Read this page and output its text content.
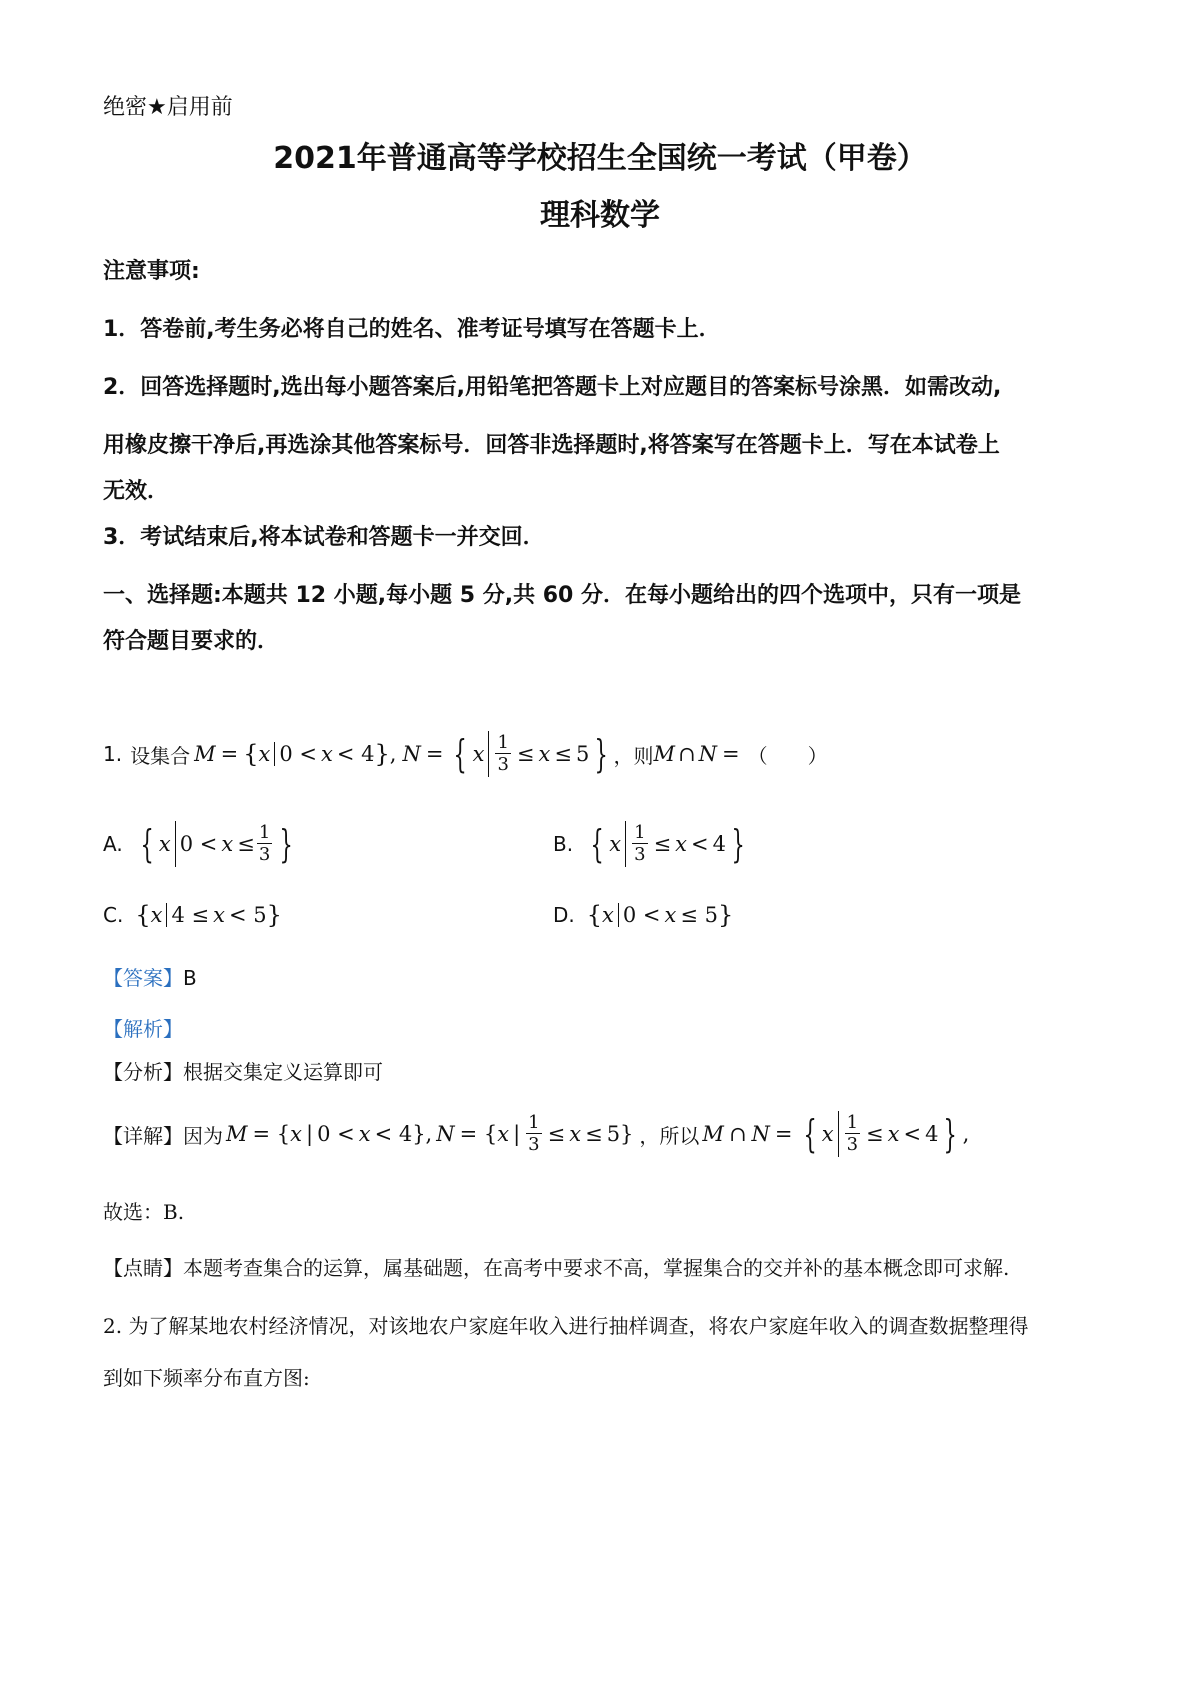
绝密★启用前
2021年普通高等学校招生全国统一考试（甲卷）
理科数学
注意事项:
1．答卷前,考生务必将自己的姓名、准考证号填写在答题卡上．
2．回答选择题时,选出每小题答案后,用铅笔把答题卡上对应题目的答案标号涂黑．如需改动,
用橡皮擦干净后,再选涂其他答案标号．回答非选择题时,将答案写在答题卡上．写在本试卷上
无效．
3．考试结束后,将本试卷和答题卡一并交回．
一、选择题:本题共 12 小题,每小题 5 分,共 60 分．在每小题给出的四个选项中，只有一项是
符合题目要求的．
1. 设集合 M = { x 0 < x < 4 } , N = { x $\frac{1}{3} \le x \le 5$ } ，则 M ∩ N = （　　）
A. { x $0 < x \le \frac{1}{3}$ }	B. { x $\frac{1}{3} \le x < 4$ }
C. { x 4 ≤ x < 5 }	D. { x 0 < x ≤ 5 }
【答案】B
【解析】
【分析】根据交集定义运算即可
【详解】 因为 M = { x | 0 < x < 4}, N = { x | $\frac{1}{3} \le x \le 5$} ，所以 M ∩ N = { x $\frac{1}{3} \le x < 4$ } ,
故选：B.
【点睛】本题考查集合的运算，属基础题，在高考中要求不高，掌握集合的交并补的基本概念即可求解.
2. 为了解某地农村经济情况，对该地农户家庭年收入进行抽样调查，将农户家庭年收入的调查数据整理得
到如下频率分布直方图:
